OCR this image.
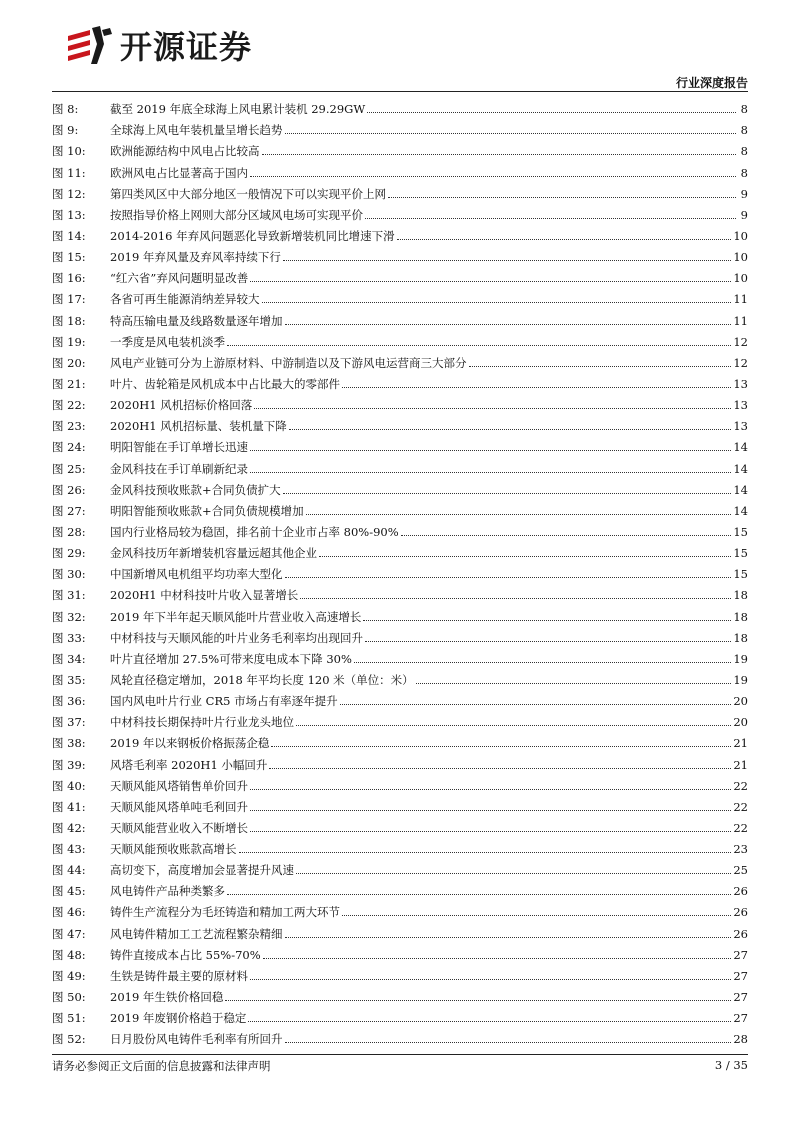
开源证券
行业深度报告
图 8:	截至 2019 年底全球海上风电累计装机 29.29GW	8
图 9:	全球海上风电年装机量呈增长趋势	8
图 10:	欧洲能源结构中风电占比较高	8
图 11:	欧洲风电占比显著高于国内	8
图 12:	第四类风区中大部分地区一般情况下可以实现平价上网	9
图 13:	按照指导价格上网则大部分区域风电场可实现平价	9
图 14:	2014-2016 年弃风问题恶化导致新增装机同比增速下滑	10
图 15:	2019 年弃风量及弃风率持续下行	10
图 16:	“红六省”弃风问题明显改善	10
图 17:	各省可再生能源消纳差异较大	11
图 18:	特高压输电量及线路数量逐年增加	11
图 19:	一季度是风电装机淡季	12
图 20:	风电产业链可分为上游原材料、中游制造以及下游风电运营商三大部分	12
图 21:	叶片、齿轮箱是风机成本中占比最大的零部件	13
图 22:	2020H1 风机招标价格回落	13
图 23:	2020H1 风机招标量、装机量下降	13
图 24:	明阳智能在手订单增长迅速	14
图 25:	金风科技在手订单刷新纪录	14
图 26:	金风科技预收账款+合同负债扩大	14
图 27:	明阳智能预收账款+合同负债规模增加	14
图 28:	国内行业格局较为稳固，排名前十企业市占率 80%-90%	15
图 29:	金风科技历年新增装机容量远超其他企业	15
图 30:	中国新增风电机组平均功率大型化	15
图 31:	2020H1 中材科技叶片收入显著增长	18
图 32:	2019 年下半年起天顺风能叶片营业收入高速增长	18
图 33:	中材科技与天顺风能的叶片业务毛利率均出现回升	18
图 34:	叶片直径增加 27.5%可带来度电成本下降 30%	19
图 35:	风轮直径稳定增加，2018 年平均长度 120 米（单位：米）	19
图 36:	国内风电叶片行业 CR5 市场占有率逐年提升	20
图 37:	中材科技长期保持叶片行业龙头地位	20
图 38:	2019 年以来钢板价格振荡企稳	21
图 39:	风塔毛利率 2020H1 小幅回升	21
图 40:	天顺风能风塔销售单价回升	22
图 41:	天顺风能风塔单吨毛利回升	22
图 42:	天顺风能营业收入不断增长	22
图 43:	天顺风能预收账款高增长	23
图 44:	高切变下，高度增加会显著提升风速	25
图 45:	风电铸件产品种类繁多	26
图 46:	铸件生产流程分为毛坯铸造和精加工两大环节	26
图 47:	风电铸件精加工工艺流程繁杂精细	26
图 48:	铸件直接成本占比 55%-70%	27
图 49:	生铁是铸件最主要的原材料	27
图 50:	2019 年生铁价格回稳	27
图 51:	2019 年废钢价格趋于稳定	27
图 52:	日月股份风电铸件毛利率有所回升	28
请务必参阅正文后面的信息披露和法律声明	3 / 35
